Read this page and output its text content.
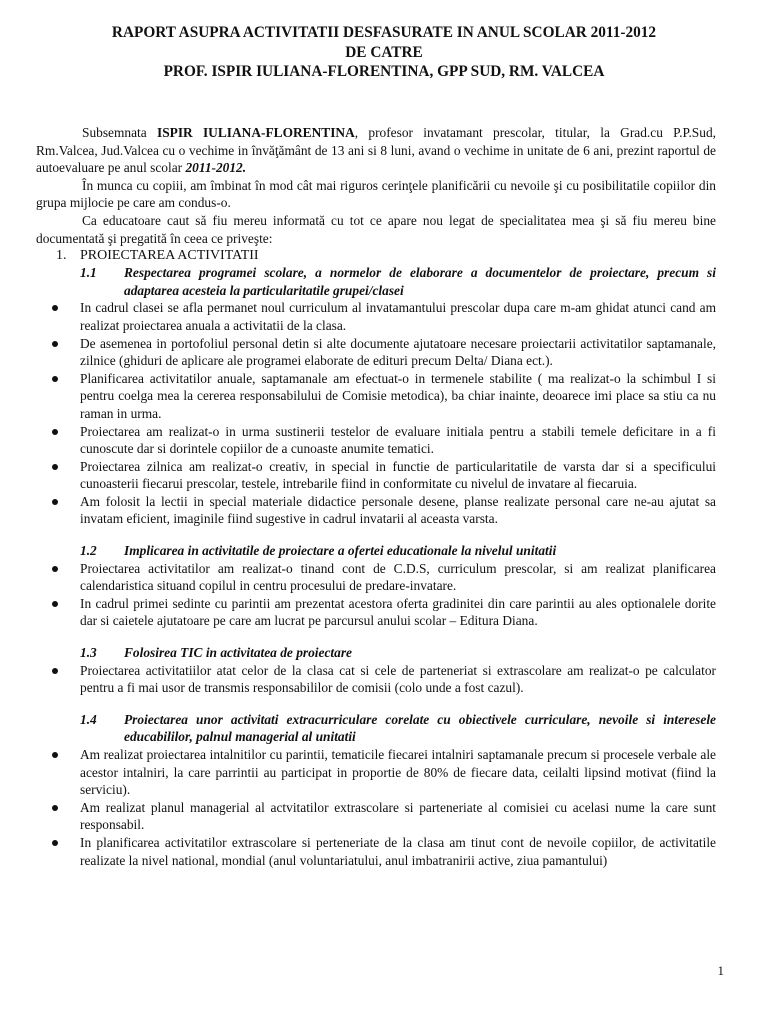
RAPORT ASUPRA ACTIVITATII DESFASURATE IN ANUL SCOLAR 2011-2012
DE CATRE
PROF. ISPIR IULIANA-FLORENTINA, GPP SUD, RM. VALCEA

Subsemnata ISPIR IULIANA-FLORENTINA, profesor invatamant prescolar, titular, la Grad.cu P.P.Sud, Rm.Valcea, Jud.Valcea cu o vechime in învăţământ de 13 ani si 8 luni, avand o vechime in unitate de 6 ani, prezint raportul de autoevaluare pe anul scolar 2011-2012.

În munca cu copiii, am îmbinat în mod cât mai riguros cerinţele planificării cu nevoile şi cu posibilitatile copiilor din grupa mijlocie pe care am condus-o.

Ca educatoare caut să fiu mereu informată cu tot ce apare nou legat de specialitatea mea şi să fiu mereu bine documentată şi pregatită în ceea ce priveşte:

1. PROIECTAREA ACTIVITATII
1.1 Respectarea programei scolare, a normelor de elaborare a documentelor de proiectare, precum si adaptarea acesteia la particularitatile grupei/clasei
In cadrul clasei se afla permanet noul curriculum al invatamantului prescolar dupa care m-am ghidat atunci cand am realizat proiectarea anuala a activitatii de la clasa.
De asemenea in portofoliul personal detin si alte documente ajutatoare necesare proiectarii activitatilor saptamanale, zilnice (ghiduri de aplicare ale programei elaborate de edituri precum Delta/ Diana ect.).
Planificarea activitatilor anuale, saptamanale am efectuat-o in termenele stabilite ( ma realizat-o la schimbul I si pentru coelga mea la cererea responsabilului de Comisie metodica), ba chiar inainte, deoarece imi place sa stiu ca nu raman in urma.
Proiectarea am realizat-o in urma sustinerii testelor de evaluare initiala pentru a stabili temele deficitare in a fi cunoscute dar si dorintele copiilor de a cunoaste anumite tematici.
Proiectarea zilnica am realizat-o creativ, in special in functie de particularitatile de varsta dar si a specificului cunoasterii fiecarui prescolar, testele, intrebarile fiind in conformitate cu nivelul de invatare al fiecaruia.
Am folosit la lectii in special materiale didactice personale desene, planse realizate personal care ne-au ajutat sa invatam eficient, imaginile fiind sugestive in cadrul invatarii al aceasta varsta.
1.2 Implicarea in activitatile de proiectare a ofertei educationale la nivelul unitatii
Proiectarea activitatilor am realizat-o tinand cont de C.D.S, curriculum prescolar, si am realizat planificarea calendaristica situand copilul in centru procesului de predare-invatare.
In cadrul primei sedinte cu parintii am prezentat acestora oferta gradinitei din care parintii au ales optionalele dorite dar si caietele ajutatoare pe care am lucrat pe parcursul anului scolar – Editura Diana.
1.3 Folosirea TIC in activitatea de proiectare
Proiectarea activitatiilor atat celor de la clasa cat si cele de parteneriat si extrascolare am realizat-o pe calculator pentru a fi mai usor de transmis responsabililor de comisii (colo unde a fost cazul).
1.4 Proiectarea unor activitati extracurriculare corelate cu obiectivele curriculare, nevoile si interesele educabililor, palnul managerial al unitatii
Am realizat proiectarea intalnitilor cu parintii, tematicile fiecarei intalniri saptamanale precum si procesele verbale ale acestor intalniri, la care parrintii au participat in proportie de 80% de fiecare data, ceilalti lipsind motivat (fiind la serviciu).
Am realizat planul managerial al actvitatilor extrascolare si parteneriate al comisiei cu acelasi nume la care sunt responsabil.
In planificarea activitatilor extrascolare si perteneriate de la clasa am tinut cont de nevoile copiilor, de activitatile realizate la nivel national, mondial (anul voluntariatului, anul imbatranirii active, ziua pamantului)
1
